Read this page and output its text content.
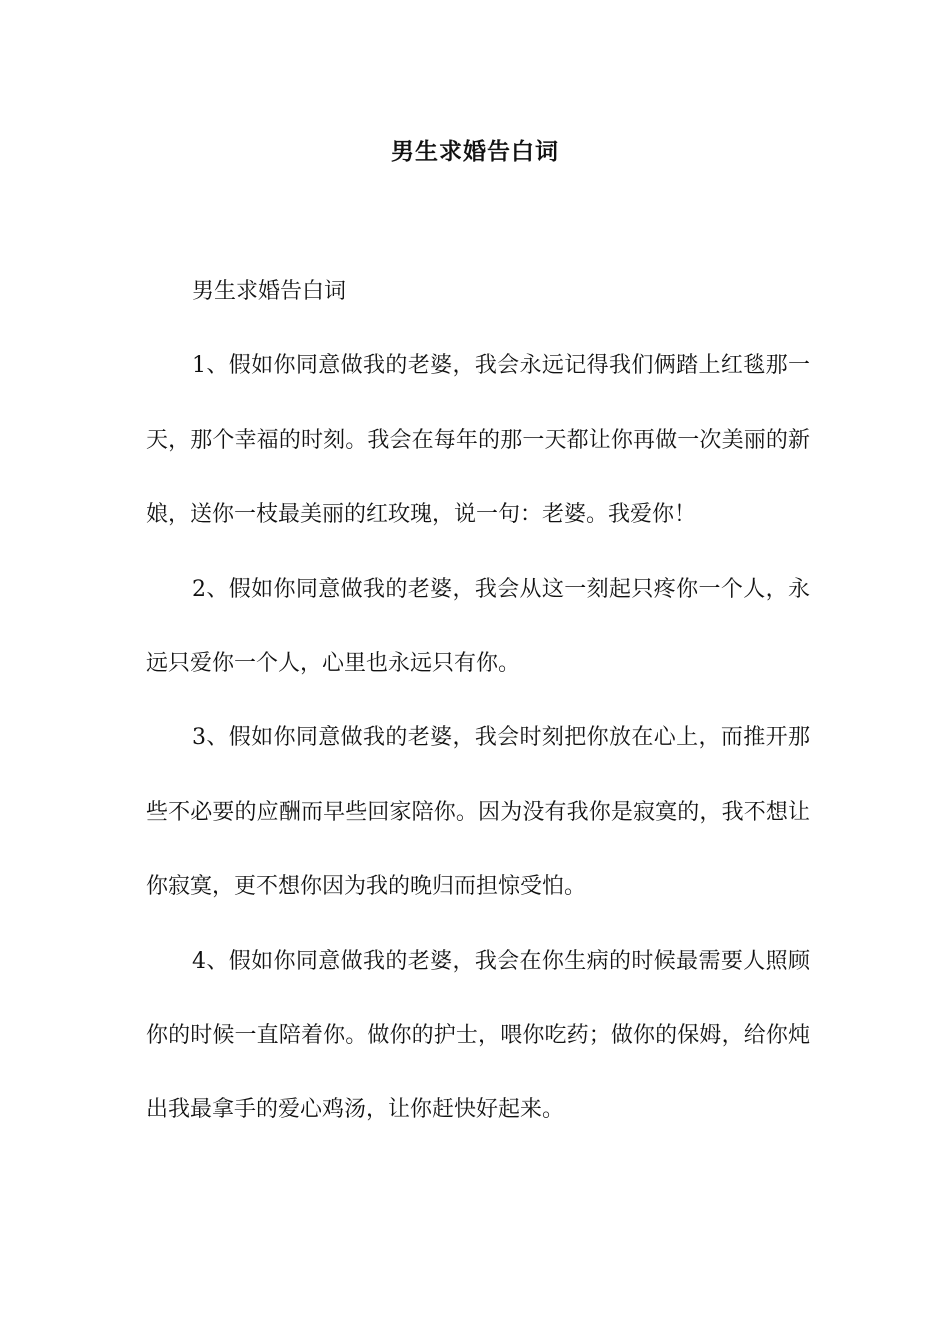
男生求婚告白词

男生求婚告白词

1、假如你同意做我的老婆，我会永远记得我们俩踏上红毯那一天，那个幸福的时刻。我会在每年的那一天都让你再做一次美丽的新娘，送你一枝最美丽的红玫瑰，说一句：老婆。我爱你！

2、假如你同意做我的老婆，我会从这一刻起只疼你一个人，永远只爱你一个人，心里也永远只有你。

3、假如你同意做我的老婆，我会时刻把你放在心上，而推开那些不必要的应酬而早些回家陪你。因为没有我你是寂寞的，我不想让你寂寞，更不想你因为我的晚归而担惊受怕。

4、假如你同意做我的老婆，我会在你生病的时候最需要人照顾你的时候一直陪着你。做你的护士，喂你吃药；做你的保姆，给你炖出我最拿手的爱心鸡汤，让你赶快好起来。
